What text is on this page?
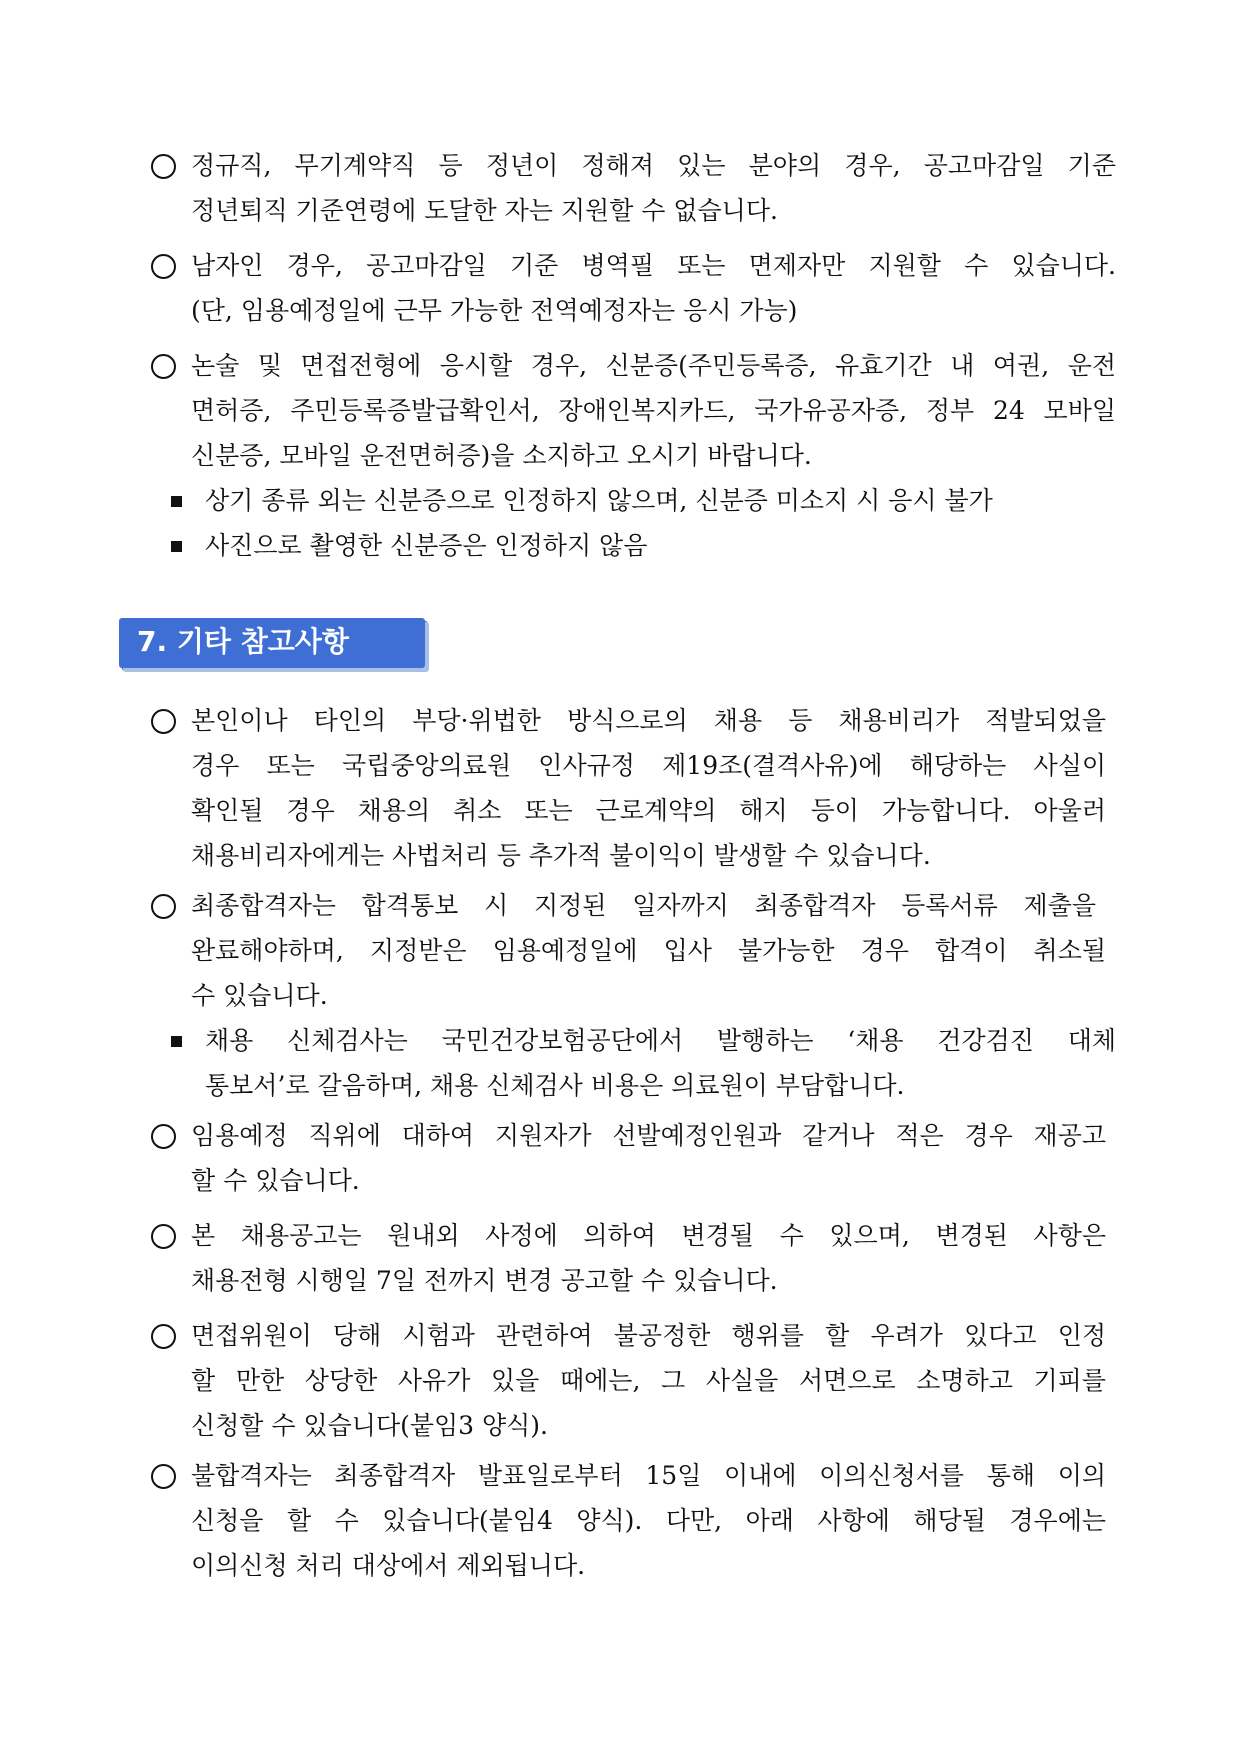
정규직, 무기계약직 등 정년이 정해져 있는 분야의 경우, 공고마감일 기준
정년퇴직 기준연령에 도달한 자는 지원할 수 없습니다.
남자인 경우, 공고마감일 기준 병역필 또는 면제자만 지원할 수 있습니다.
(단, 임용예정일에 근무 가능한 전역예정자는 응시 가능)
논술 및 면접전형에 응시할 경우, 신분증(주민등록증, 유효기간 내 여권, 운전
면허증, 주민등록증발급확인서, 장애인복지카드, 국가유공자증, 정부 24 모바일
신분증, 모바일 운전면허증)을 소지하고 오시기 바랍니다.
상기 종류 외는 신분증으로 인정하지 않으며, 신분증 미소지 시 응시 불가
사진으로 촬영한 신분증은 인정하지 않음
7. 기타 참고사항
본인이나 타인의 부당·위법한 방식으로의 채용 등 채용비리가 적발되었을
경우 또는 국립중앙의료원 인사규정 제19조(결격사유)에 해당하는 사실이
확인될 경우 채용의 취소 또는 근로계약의 해지 등이 가능합니다. 아울러
채용비리자에게는 사법처리 등 추가적 불이익이 발생할 수 있습니다.
최종합격자는 합격통보 시 지정된 일자까지 최종합격자 등록서류 제출을
완료해야하며, 지정받은 임용예정일에 입사 불가능한 경우 합격이 취소될
수 있습니다.
채용 신체검사는 국민건강보험공단에서 발행하는 ‘채용 건강검진 대체
통보서’로 갈음하며, 채용 신체검사 비용은 의료원이 부담합니다.
임용예정 직위에 대하여 지원자가 선발예정인원과 같거나 적은 경우 재공고
할 수 있습니다.
본 채용공고는 원내외 사정에 의하여 변경될 수 있으며, 변경된 사항은
채용전형 시행일 7일 전까지 변경 공고할 수 있습니다.
면접위원이 당해 시험과 관련하여 불공정한 행위를 할 우려가 있다고 인정
할 만한 상당한 사유가 있을 때에는, 그 사실을 서면으로 소명하고 기피를
신청할 수 있습니다(붙임3 양식).
불합격자는 최종합격자 발표일로부터 15일 이내에 이의신청서를 통해 이의
신청을 할 수 있습니다(붙임4 양식). 다만, 아래 사항에 해당될 경우에는
이의신청 처리 대상에서 제외됩니다.
